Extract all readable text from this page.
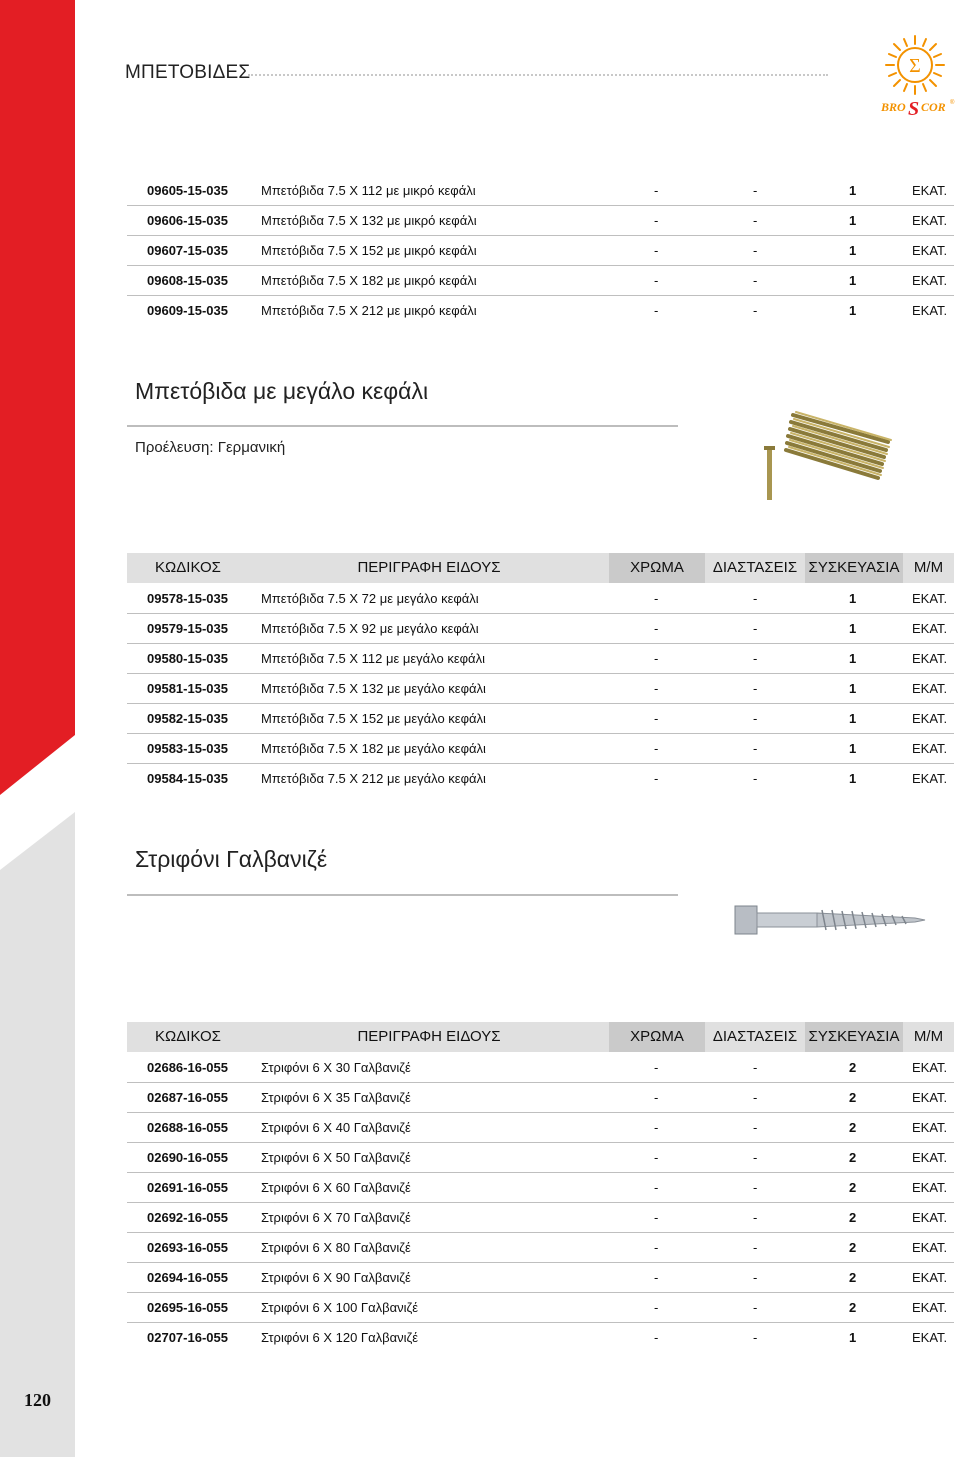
ΜΠΕΤΟΒΙΔΕΣ	Σ
BRO S COR ®
09605-15-035	Μπετόβιδα 7.5 Χ 112 με μικρό κεφάλι	-	-	1	ΕΚΑΤ.
09606-15-035	Μπετόβιδα 7.5 Χ 132 με μικρό κεφάλι	-	-	1	ΕΚΑΤ.
09607-15-035	Μπετόβιδα 7.5 Χ 152 με μικρό κεφάλι	-	-	1	ΕΚΑΤ.
09608-15-035	Μπετόβιδα 7.5 Χ 182 με μικρό κεφάλι	-	-	1	ΕΚΑΤ.
09609-15-035	Μπετόβιδα 7.5 Χ 212 με μικρό κεφάλι	-	-	1	ΕΚΑΤ.
Μπετόβιδα με μεγάλο κεφάλι
Προέλευση: Γερμανική
ΚΩΔΙΚΟΣ	ΠΕΡΙΓΡΑΦΗ ΕΙΔΟΥΣ	ΧΡΩΜΑ	ΔΙΑΣΤΑΣΕΙΣ ΣΥΣΚΕΥΑΣΙΑ Μ/Μ
09578-15-035	Μπετόβιδα 7.5 Χ 72 με μεγάλο κεφάλι	-	-	1	ΕΚΑΤ.
09579-15-035	Μπετόβιδα 7.5 Χ 92 με μεγάλο κεφάλι	-	-	1	ΕΚΑΤ.
09580-15-035	Μπετόβιδα 7.5 Χ 112 με μεγάλο κεφάλι	-	-	1	ΕΚΑΤ.
09581-15-035	Μπετόβιδα 7.5 Χ 132 με μεγάλο κεφάλι	-	-	1	ΕΚΑΤ.
09582-15-035	Μπετόβιδα 7.5 Χ 152 με μεγάλο κεφάλι	-	-	1	ΕΚΑΤ.
09583-15-035	Μπετόβιδα 7.5 Χ 182 με μεγάλο κεφάλι	-	-	1	ΕΚΑΤ.
09584-15-035	Μπετόβιδα 7.5 Χ 212 με μεγάλο κεφάλι	-	-	1	ΕΚΑΤ.
Στριφόνι Γαλβανιζέ
ΚΩΔΙΚΟΣ	ΠΕΡΙΓΡΑΦΗ ΕΙΔΟΥΣ	ΧΡΩΜΑ	ΔΙΑΣΤΑΣΕΙΣ ΣΥΣΚΕΥΑΣΙΑ Μ/Μ
02686-16-055	Στριφόνι 6 Χ 30 Γαλβανιζέ	-	-	2	ΕΚΑΤ.
02687-16-055	Στριφόνι 6 Χ 35 Γαλβανιζέ	-	-	2	ΕΚΑΤ.
02688-16-055	Στριφόνι 6 Χ 40 Γαλβανιζέ	-	-	2	ΕΚΑΤ.
02690-16-055	Στριφόνι 6 Χ 50 Γαλβανιζέ	-	-	2	ΕΚΑΤ.
02691-16-055	Στριφόνι 6 Χ 60 Γαλβανιζέ	-	-	2	ΕΚΑΤ.
02692-16-055	Στριφόνι 6 Χ 70 Γαλβανιζέ	-	-	2	ΕΚΑΤ.
02693-16-055	Στριφόνι 6 Χ 80 Γαλβανιζέ	-	-	2	ΕΚΑΤ.
02694-16-055	Στριφόνι 6 Χ 90 Γαλβανιζέ	-	-	2	ΕΚΑΤ.
02695-16-055	Στριφόνι 6 Χ 100 Γαλβανιζέ	-	-	2	ΕΚΑΤ.
02707-16-055	Στριφόνι 6 Χ 120 Γαλβανιζέ	-	-	1	ΕΚΑΤ.
120
